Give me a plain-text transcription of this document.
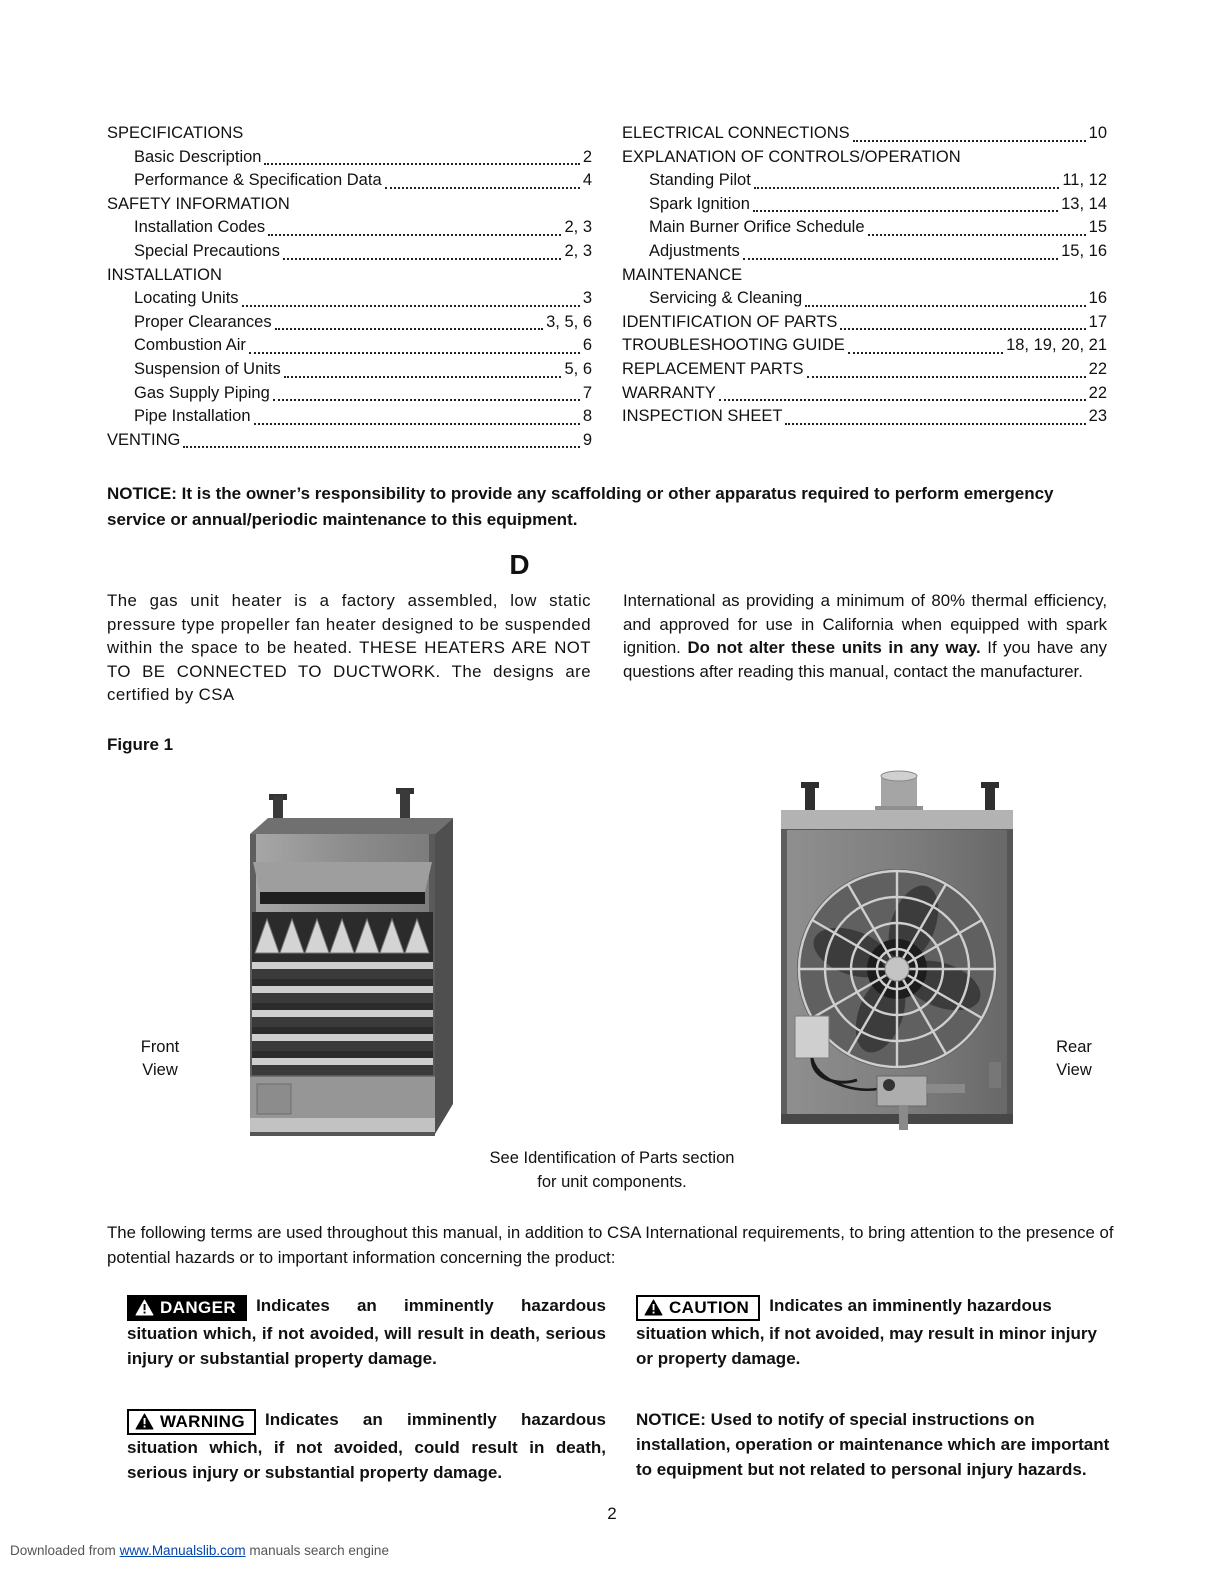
SPECIFICATIONS
Basic Description	2
Performance & Specification Data	4
SAFETY INFORMATION
Installation Codes	2, 3
Special Precautions	2, 3
INSTALLATION
Locating Units	3
Proper Clearances	3, 5, 6
Combustion Air	6
Suspension of Units	5, 6
Gas Supply Piping	7
Pipe Installation	8
VENTING	9
ELECTRICAL CONNECTIONS	10
EXPLANATION OF CONTROLS/OPERATION
Standing Pilot	11, 12
Spark Ignition	13, 14
Main Burner Orifice Schedule	15
Adjustments	15, 16
MAINTENANCE
Servicing & Cleaning	16
IDENTIFICATION OF PARTS	17
TROUBLESHOOTING GUIDE	18, 19, 20, 21
REPLACEMENT PARTS	22
WARRANTY	22
INSPECTION SHEET	23
NOTICE: It is the owner’s responsibility to provide any scaffolding or other apparatus required to perform emergency service or annual/periodic maintenance to this equipment.
D
The gas unit heater is a factory assembled, low static pressure type propeller fan heater designed to be suspended within the space to be heated. THESE HEATERS ARE NOT TO BE CONNECTED TO DUCTWORK. The designs are certified by CSA
International as providing a minimum of 80% thermal efficiency, and approved for use in California when equipped with spark ignition. Do not alter these units in any way. If you have any questions after reading this manual, contact the manufacturer.
Figure 1
Front View
Rear View
See Identification of Parts section
for unit components.
The following terms are used throughout this manual, in addition to CSA International requirements, to bring attention to the presence of potential hazards or to important information concerning the product:
DANGER Indicates an imminently hazardous situation which, if not avoided, will result in death, serious injury or substantial property damage.
WARNING Indicates an imminently hazardous situation which, if not avoided, could result in death, serious injury or substantial property damage.
CAUTION Indicates an imminently hazardous situation which, if not avoided, may result in minor injury or property damage.
NOTICE: Used to notify of special instructions on installation, operation or maintenance which are important to equipment but not related to personal injury hazards.
2
Downloaded from www.Manualslib.com manuals search engine
